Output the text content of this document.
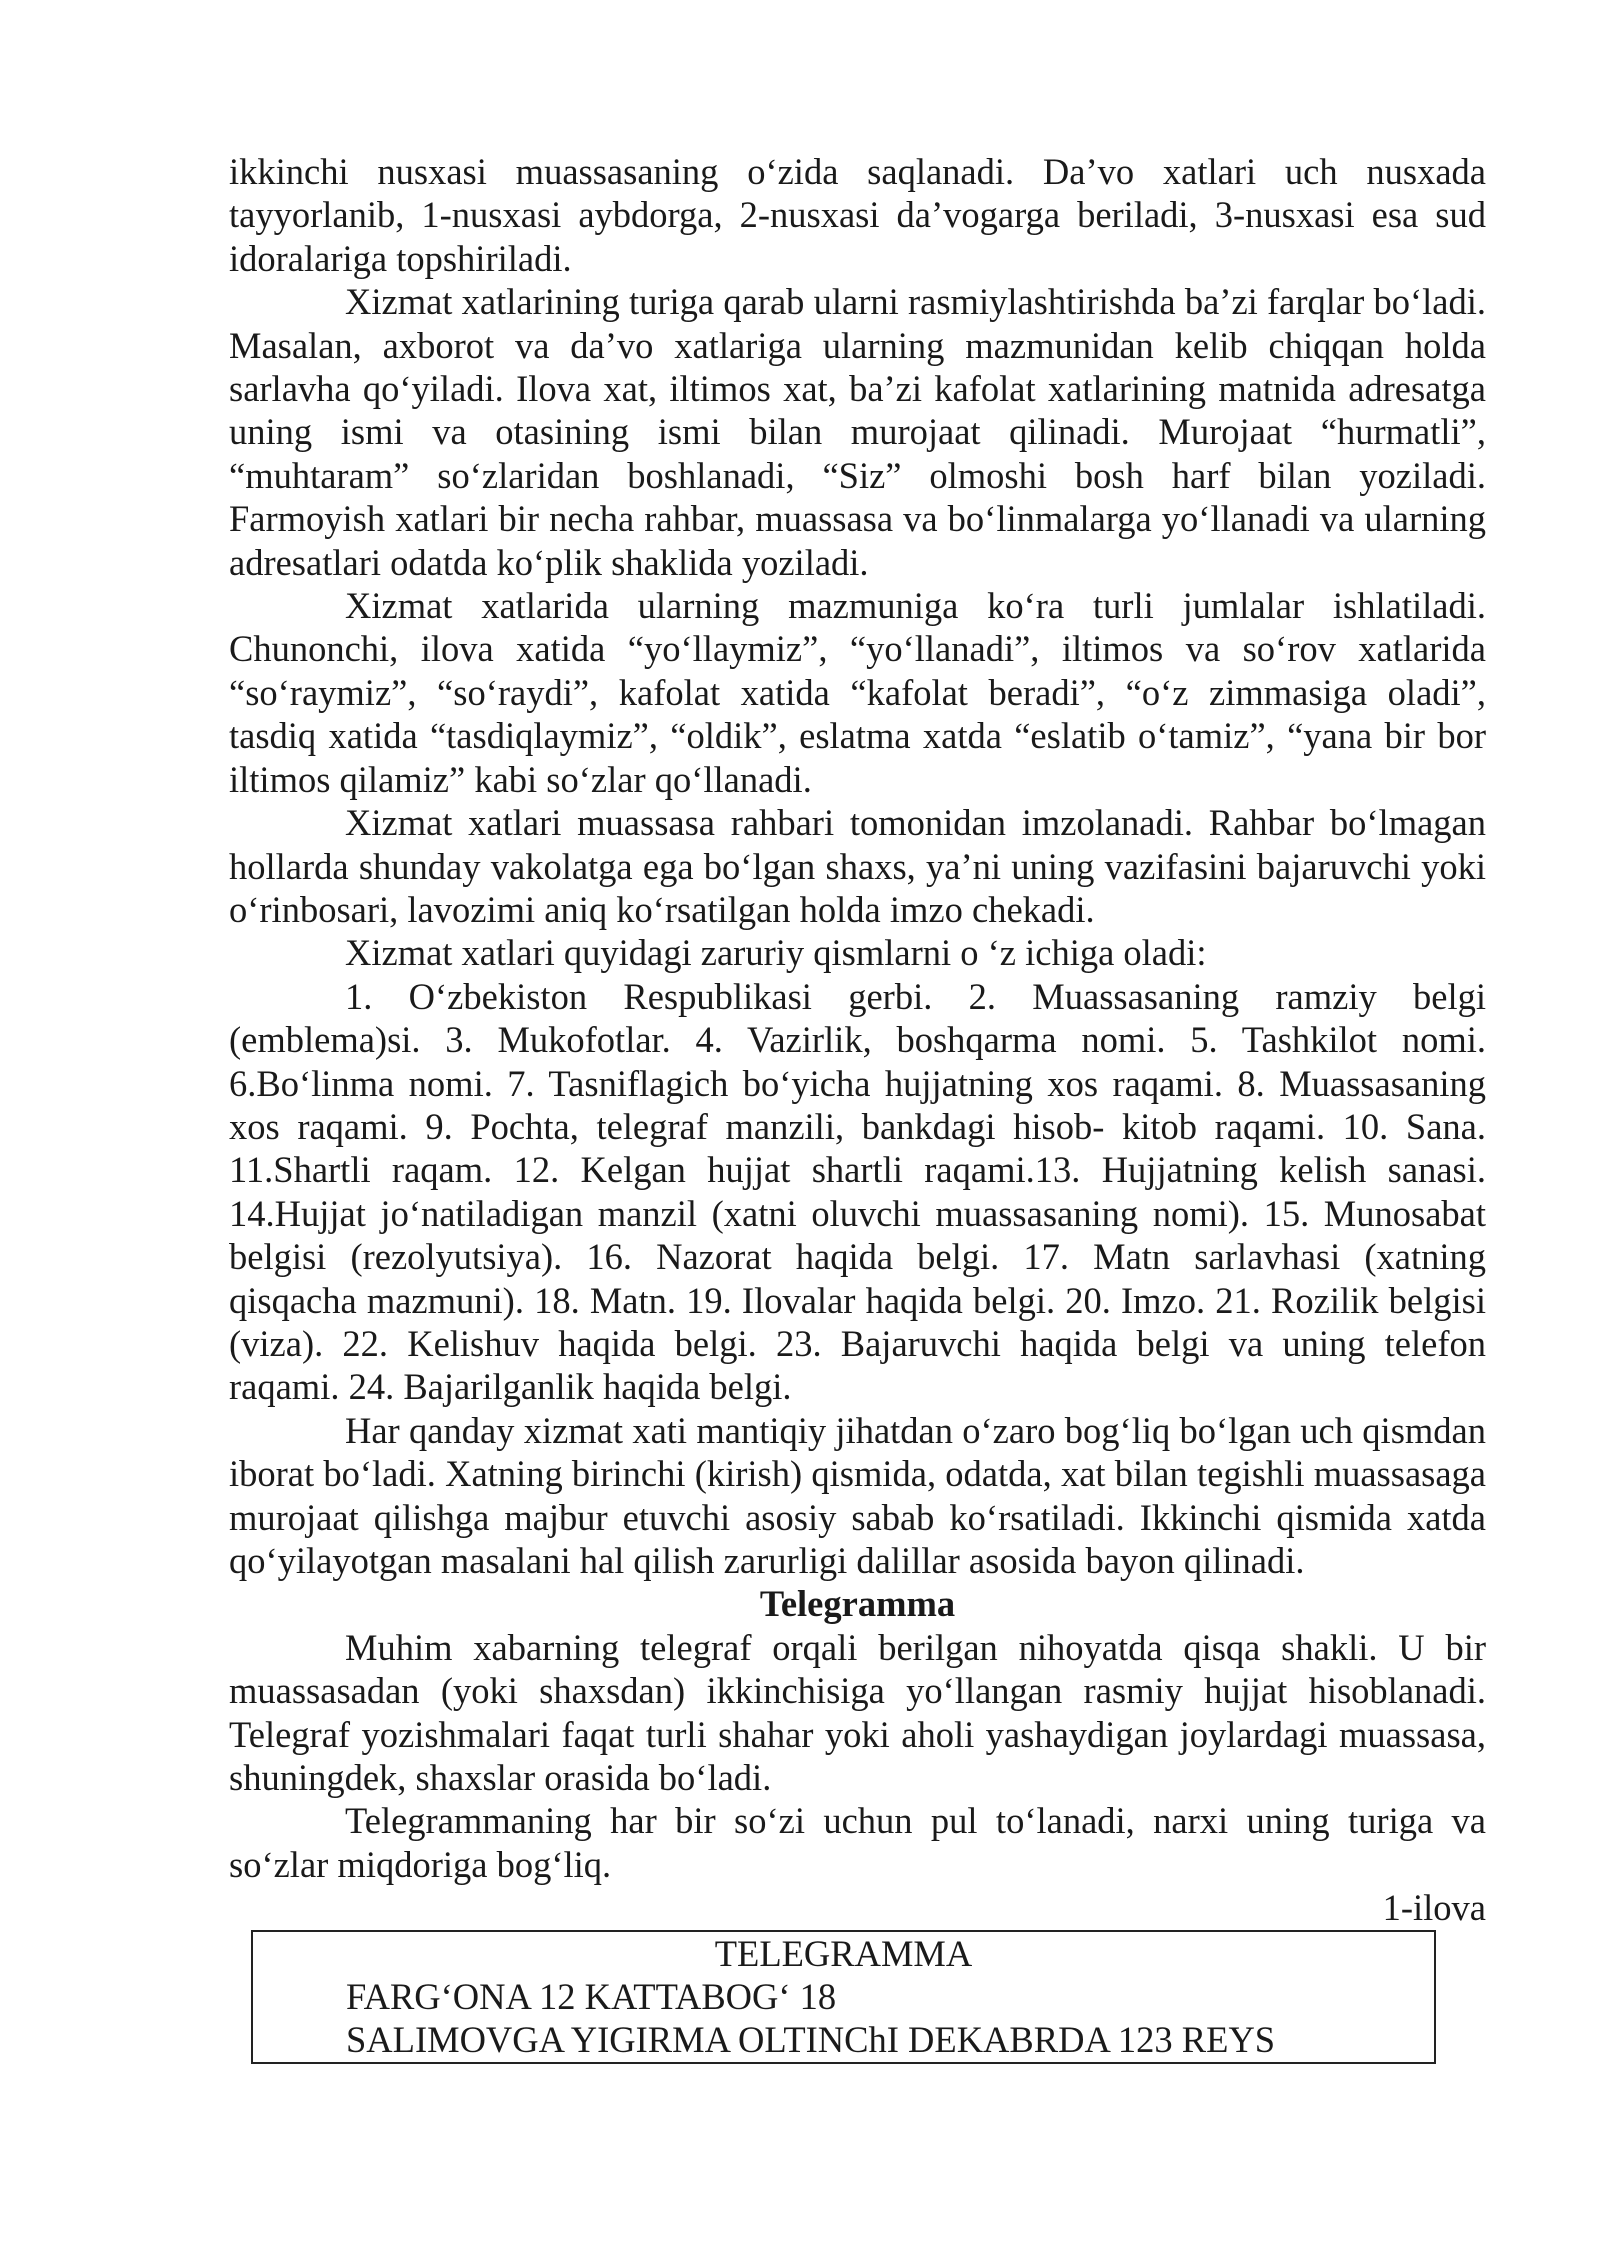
ikkinchi nusxasi muassasaning o‘zida saqlanadi. Da’vo xatlari uch nusxada tayyorlanib, 1-nusxasi aybdorga, 2-nusxasi da’vogarga beriladi, 3-nusxasi esa sud idoralariga topshiriladi.

Xizmat xatlarining turiga qarab ularni rasmiylashtirishda ba’zi farqlar bo‘ladi. Masalan, axborot va da’vo xatlariga ularning mazmunidan kelib chiqqan holda sarlavha qo‘yiladi. Ilova xat, iltimos xat, ba’zi kafolat xatlarining matnida adresatga uning ismi va otasining ismi bilan murojaat qilinadi. Murojaat “hurmatli”, “muhtaram” so‘zlaridan boshlanadi, “Siz” olmoshi bosh harf bilan yoziladi. Farmoyish xatlari bir necha rahbar, muassasa va bo‘linmalarga yo‘llanadi va ularning adresatlari odatda ko‘plik shaklida yoziladi.

Xizmat xatlarida ularning mazmuniga ko‘ra turli jumlalar ishlatiladi. Chunonchi, ilova xatida “yo‘llaymiz”, “yo‘llanadi”, iltimos va so‘rov xatlarida “so‘raymiz”, “so‘raydi”, kafolat xatida “kafolat beradi”, “o‘z zimmasiga oladi”, tasdiq xatida “tasdiqlaymiz”, “oldik”, eslatma xatda “eslatib o‘tamiz”, “yana bir bor iltimos qilamiz” kabi so‘zlar qo‘llanadi.

Xizmat xatlari muassasa rahbari tomonidan imzolanadi. Rahbar bo‘lmagan hollarda shunday vakolatga ega bo‘lgan shaxs, ya’ni uning vazifasini bajaruvchi yoki o‘rinbosari, lavozimi aniq ko‘rsatilgan holda imzo chekadi.

Xizmat xatlari quyidagi zaruriy qismlarni o ‘z ichiga oladi:

1. O‘zbekiston Respublikasi gerbi. 2. Muassasaning ramziy belgi (emblema)si. 3. Mukofotlar. 4. Vazirlik, boshqarma nomi. 5. Tashkilot nomi. 6.Bo‘linma nomi. 7. Tasniflagich bo‘yicha hujjatning xos raqami. 8. Muassasaning xos raqami. 9. Pochta, telegraf manzili, bankdagi hisob- kitob raqami. 10. Sana. 11.Shartli raqam. 12. Kelgan hujjat shartli raqami.13. Hujjatning kelish sanasi. 14.Hujjat jo‘natiladigan manzil (xatni oluvchi muassasaning nomi). 15. Munosabat belgisi (rezolyutsiya). 16. Nazorat haqida belgi. 17. Matn sarlavhasi (xatning qisqacha mazmuni). 18. Matn. 19. Ilovalar haqida belgi. 20. Imzo. 21. Rozilik belgisi (viza). 22. Kelishuv haqida belgi. 23. Bajaruvchi haqida belgi va uning telefon raqami. 24. Bajarilganlik haqida belgi.

Har qanday xizmat xati mantiqiy jihatdan o‘zaro bog‘liq bo‘lgan uch qismdan iborat bo‘ladi. Xatning birinchi (kirish) qismida, odatda, xat bilan tegishli muassasaga murojaat qilishga majbur etuvchi asosiy sabab ko‘rsatiladi. Ikkinchi qismida xatda qo‘yilayotgan masalani hal qilish zarurligi dalillar asosida bayon qilinadi.

Telegramma

Muhim xabarning telegraf orqali berilgan nihoyatda qisqa shakli. U bir muassasadan (yoki shaxsdan) ikkinchisiga yo‘llangan rasmiy hujjat hisoblanadi. Telegraf yozishmalari faqat turli shahar yoki aholi yashaydigan joylardagi muassasa, shuningdek, shaxslar orasida bo‘ladi.

Telegrammaning har bir so‘zi uchun pul to‘lanadi, narxi uning turiga va so‘zlar miqdoriga bog‘liq.

1-ilova

TELEGRAMMA

FARG‘ONA 12 KATTABOG‘ 18

SALIMOVGA YIGIRMA OLTINChI DEKABRDA 123 REYS
